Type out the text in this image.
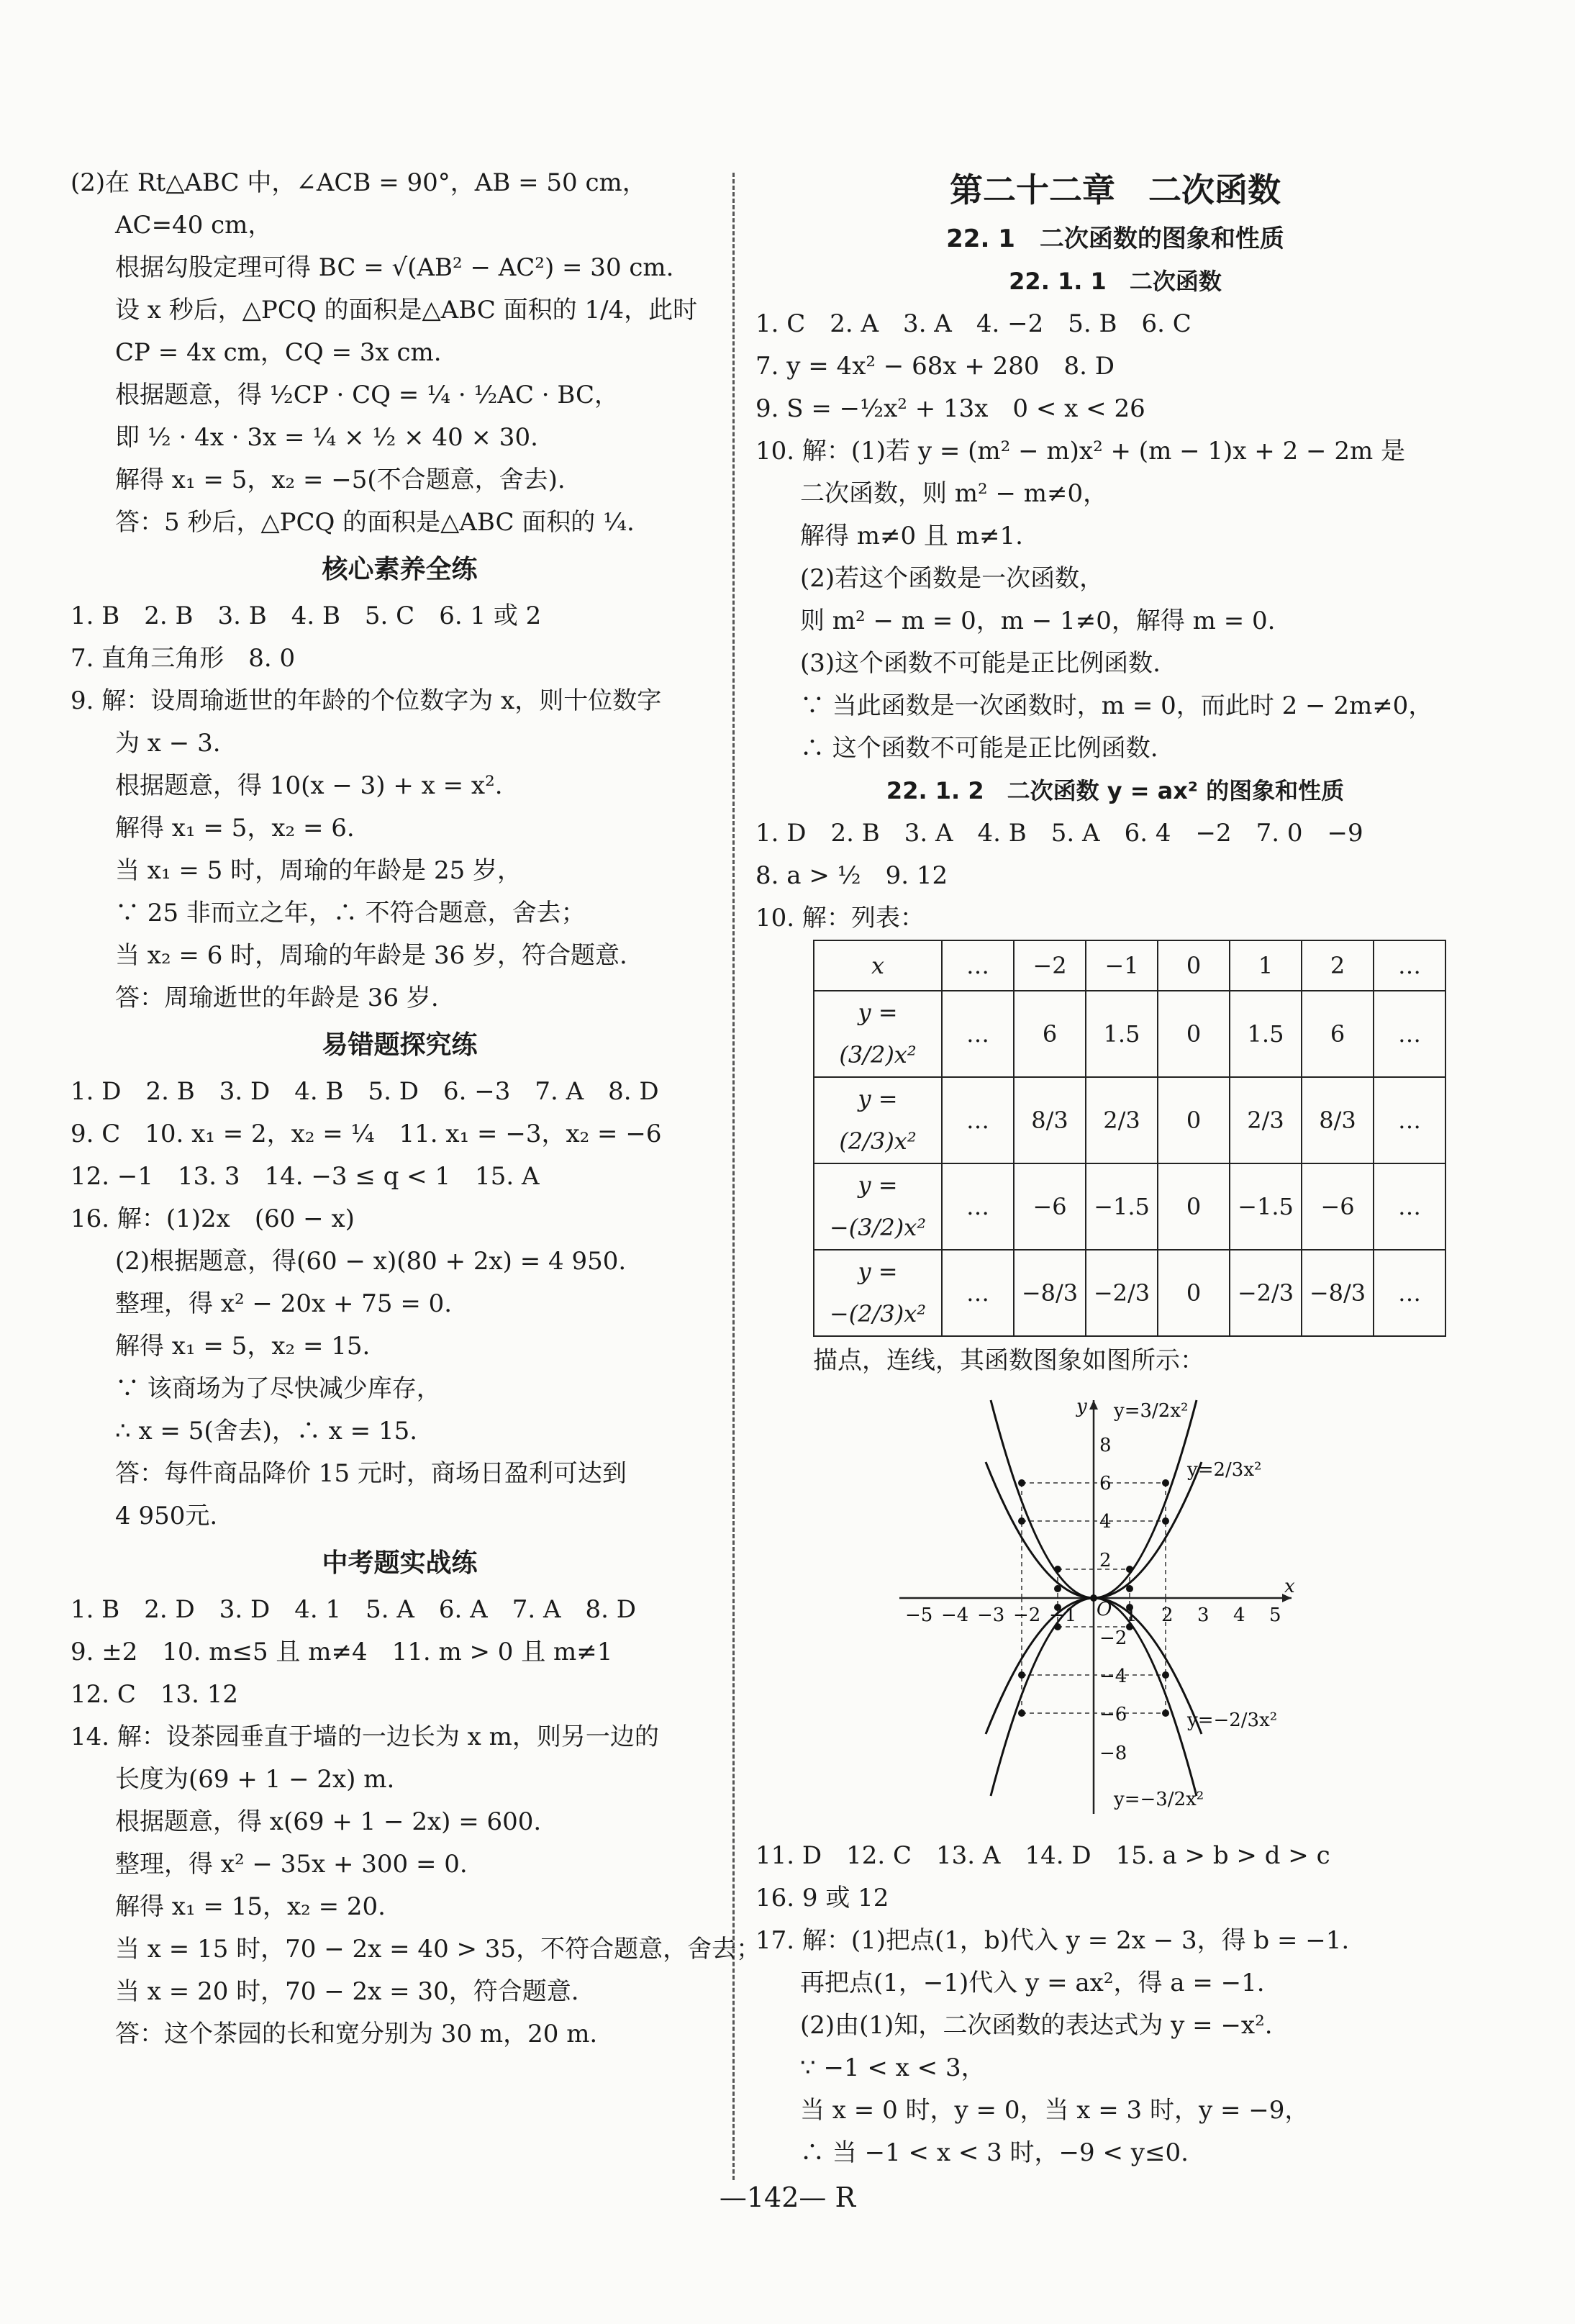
(2)在 Rt△ABC 中，∠ACB = 90°，AB = 50 cm，
AC=40 cm，
根据勾股定理可得 BC = √(AB² − AC²) = 30 cm.
设 x 秒后，△PCQ 的面积是△ABC 面积的 1/4，此时
CP = 4x cm，CQ = 3x cm.
根据题意，得 ½CP · CQ = ¼ · ½AC · BC，
即 ½ · 4x · 3x = ¼ × ½ × 40 × 30.
解得 x₁ = 5，x₂ = −5(不合题意，舍去).
答：5 秒后，△PCQ 的面积是△ABC 面积的 ¼.
核心素养全练
1. B　2. B　3. B　4. B　5. C　6. 1 或 2
7. 直角三角形　8. 0
9. 解：设周瑜逝世的年龄的个位数字为 x，则十位数字
为 x − 3.
根据题意，得 10(x − 3) + x = x².
解得 x₁ = 5，x₂ = 6.
当 x₁ = 5 时，周瑜的年龄是 25 岁，
∵ 25 非而立之年，∴ 不符合题意，舍去；
当 x₂ = 6 时，周瑜的年龄是 36 岁，符合题意.
答：周瑜逝世的年龄是 36 岁.
易错题探究练
1. D　2. B　3. D　4. B　5. D　6. −3　7. A　8. D
9. C　10. x₁ = 2，x₂ = ¼　11. x₁ = −3，x₂ = −6
12. −1　13. 3　14. −3 ≤ q < 1　15. A
16. 解：(1)2x　(60 − x)
(2)根据题意，得(60 − x)(80 + 2x) = 4 950.
整理，得 x² − 20x + 75 = 0.
解得 x₁ = 5，x₂ = 15.
∵ 该商场为了尽快减少库存，
∴ x = 5(舍去)，∴ x = 15.
答：每件商品降价 15 元时，商场日盈利可达到
4 950元.
中考题实战练
1. B　2. D　3. D　4. 1　5. A　6. A　7. A　8. D
9. ±2　10. m≤5 且 m≠4　11. m > 0 且 m≠1
12. C　13. 12
14. 解：设茶园垂直于墙的一边长为 x m，则另一边的
长度为(69 + 1 − 2x) m.
根据题意，得 x(69 + 1 − 2x) = 600.
整理，得 x² − 35x + 300 = 0.
解得 x₁ = 15，x₂ = 20.
当 x = 15 时，70 − 2x = 40 > 35，不符合题意，舍去；
当 x = 20 时，70 − 2x = 30，符合题意.
答：这个茶园的长和宽分别为 30 m，20 m.
第二十二章　二次函数
22. 1　二次函数的图象和性质
22. 1. 1　二次函数
1. C　2. A　3. A　4. −2　5. B　6. C
7. y = 4x² − 68x + 280　8. D
9. S = −½x² + 13x　0 < x < 26
10. 解：(1)若 y = (m² − m)x² + (m − 1)x + 2 − 2m 是
二次函数，则 m² − m≠0，
解得 m≠0 且 m≠1.
(2)若这个函数是一次函数，
则 m² − m = 0，m − 1≠0，解得 m = 0.
(3)这个函数不可能是正比例函数.
∵ 当此函数是一次函数时，m = 0，而此时 2 − 2m≠0，
∴ 这个函数不可能是正比例函数.
22. 1. 2　二次函数 y = ax² 的图象和性质
1. D　2. B　3. A　4. B　5. A　6. 4　−2　7. 0　−9
8. a > ½　9. 12
10. 解：列表：
x	…	−2	−1	0	1	2	…
y = (3/2)x²	…	6	1.5	0	1.5	6	…
y = (2/3)x²	…	8/3	2/3	0	2/3	8/3	…
y = −(3/2)x²	…	−6	−1.5	0	−1.5	−6	…
y = −(2/3)x²	…	−8/3	−2/3	0	−2/3	−8/3	…
描点，连线，其函数图象如图所示：
y
x
O
−5 −4 −3 −2 −1	1 2 3 4 5
8
6
4
2
−2
−4
−6
−8
y=3/2x²
y=2/3x²
y=−2/3x²
y=−3/2x²
11. D　12. C　13. A　14. D　15. a > b > d > c
16. 9 或 12
17. 解：(1)把点(1，b)代入 y = 2x − 3，得 b = −1.
再把点(1，−1)代入 y = ax²，得 a = −1.
(2)由(1)知，二次函数的表达式为 y = −x².
∵ −1 < x < 3，
当 x = 0 时，y = 0，当 x = 3 时，y = −9，
∴ 当 −1 < x < 3 时，−9 < y≤0.
—142— R
